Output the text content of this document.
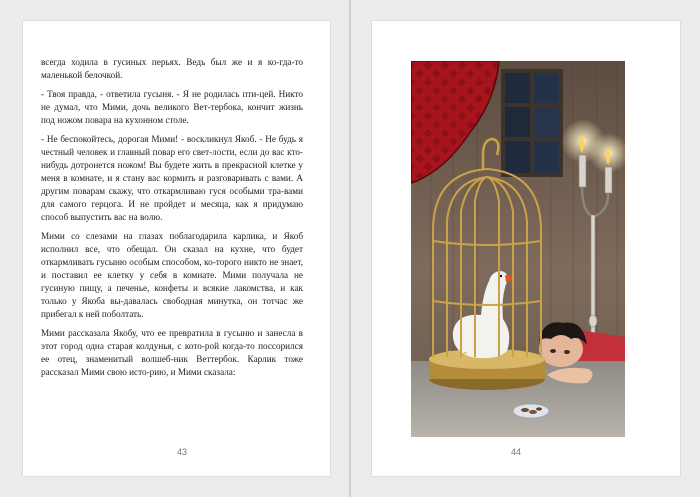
всегда ходила в гусиных перьях. Ведь был же и я ко-гда-то маленькой белочкой.

- Твоя правда, - ответила гусыня. - Я не родилась пти-цей. Никто не думал, что Мими, дочь великого Вет-тербока, кончит жизнь под ножом повара на кухонном столе.

- Не беспокойтесь, дорогая Мими! - воскликнул Якоб. - Не будь я честный человек и главный повар его свет-лости, если до вас кто-нибудь дотронется ножом! Вы будете жить в прекрасной клетке у меня в комнате, и я стану вас кормить и разговаривать с вами. А другим поварам скажу, что откармливаю гуся особыми тра-вами для самого герцога. И не пройдет и месяца, как я придумаю способ выпустить вас на волю.

Мими со слезами на глазах поблагодарила карлика, и Якоб исполнил все, что обещал. Он сказал на кухне, что будет откармливать гусыню особым способом, ко-торого никто не знает, и поставил ее клетку у себя в комнате. Мими получала не гусиную пищу, а печенье, конфеты и всякие лакомства, и как только у Якоба вы-давалась свободная минутка, он тотчас же прибегал к ней поболтать.

Мими рассказала Якобу, что ее превратила в гусыню и занесла в этот город одна старая колдунья, с кото-рой когда-то поссорился ее отец, знаменитый волшеб-ник Веттербок. Карлик тоже рассказал Мими свою исто-рию, и Мими сказала:

43	44
